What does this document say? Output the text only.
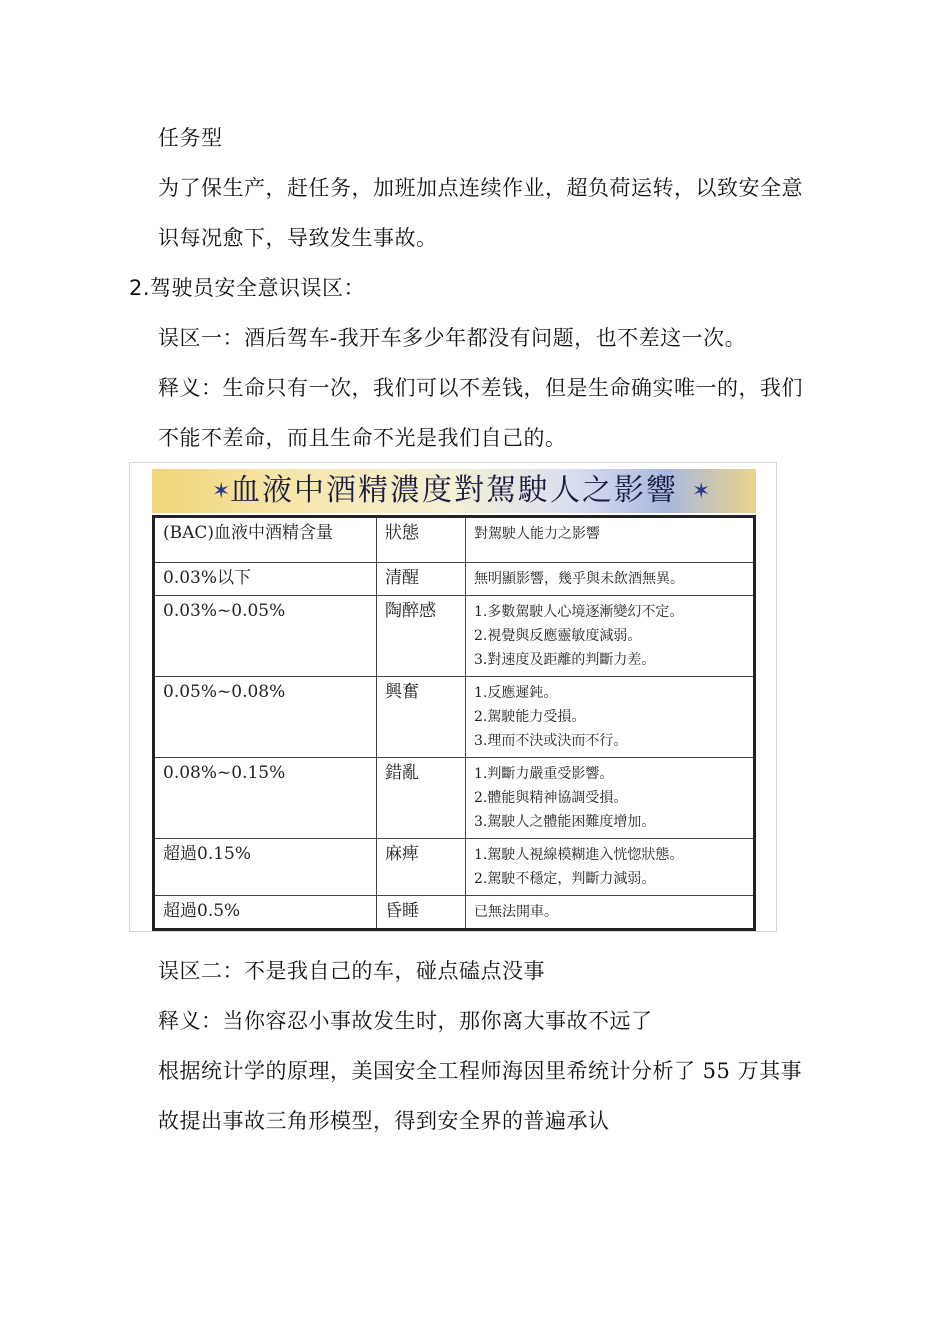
任务型
为了保生产，赶任务，加班加点连续作业，超负荷运转，以致安全意
识每况愈下，导致发生事故。
2.驾驶员安全意识误区：
误区一：酒后驾车-我开车多少年都没有问题，也不差这一次。
释义：生命只有一次，我们可以不差钱，但是生命确实唯一的，我们
不能不差命，而且生命不光是我们自己的。
✶	✶
血液中酒精濃度對駕駛人之影響
(BAC)血液中酒精含量	狀態	對駕駛人能力之影響
0.03%以下	清醒	無明顯影響，幾乎與未飲酒無異。

0.03%~0.05%	陶醉感	1.多數駕駛人心境逐漸變幻不定。
2.視覺與反應靈敏度減弱。
3.對速度及距離的判斷力差。

0.05%~0.08%	興奮	1.反應遲鈍。
2.駕駛能力受損。
3.理而不決或決而不行。

0.08%~0.15%	錯亂	1.判斷力嚴重受影響。
2.體能與精神協調受損。
3.駕駛人之體能困難度增加。

超過0.15%	麻痺	1.駕駛人視線模糊進入恍惚狀態。
2.駕駛不穩定，判斷力減弱。

超過0.5%	昏睡	已無法開車。
误区二：不是我自己的车，碰点磕点没事
释义：当你容忍小事故发生时，那你离大事故不远了
根据统计学的原理，美国安全工程师海因里希统计分析了 55 万其事
故提出事故三角形模型，得到安全界的普遍承认
